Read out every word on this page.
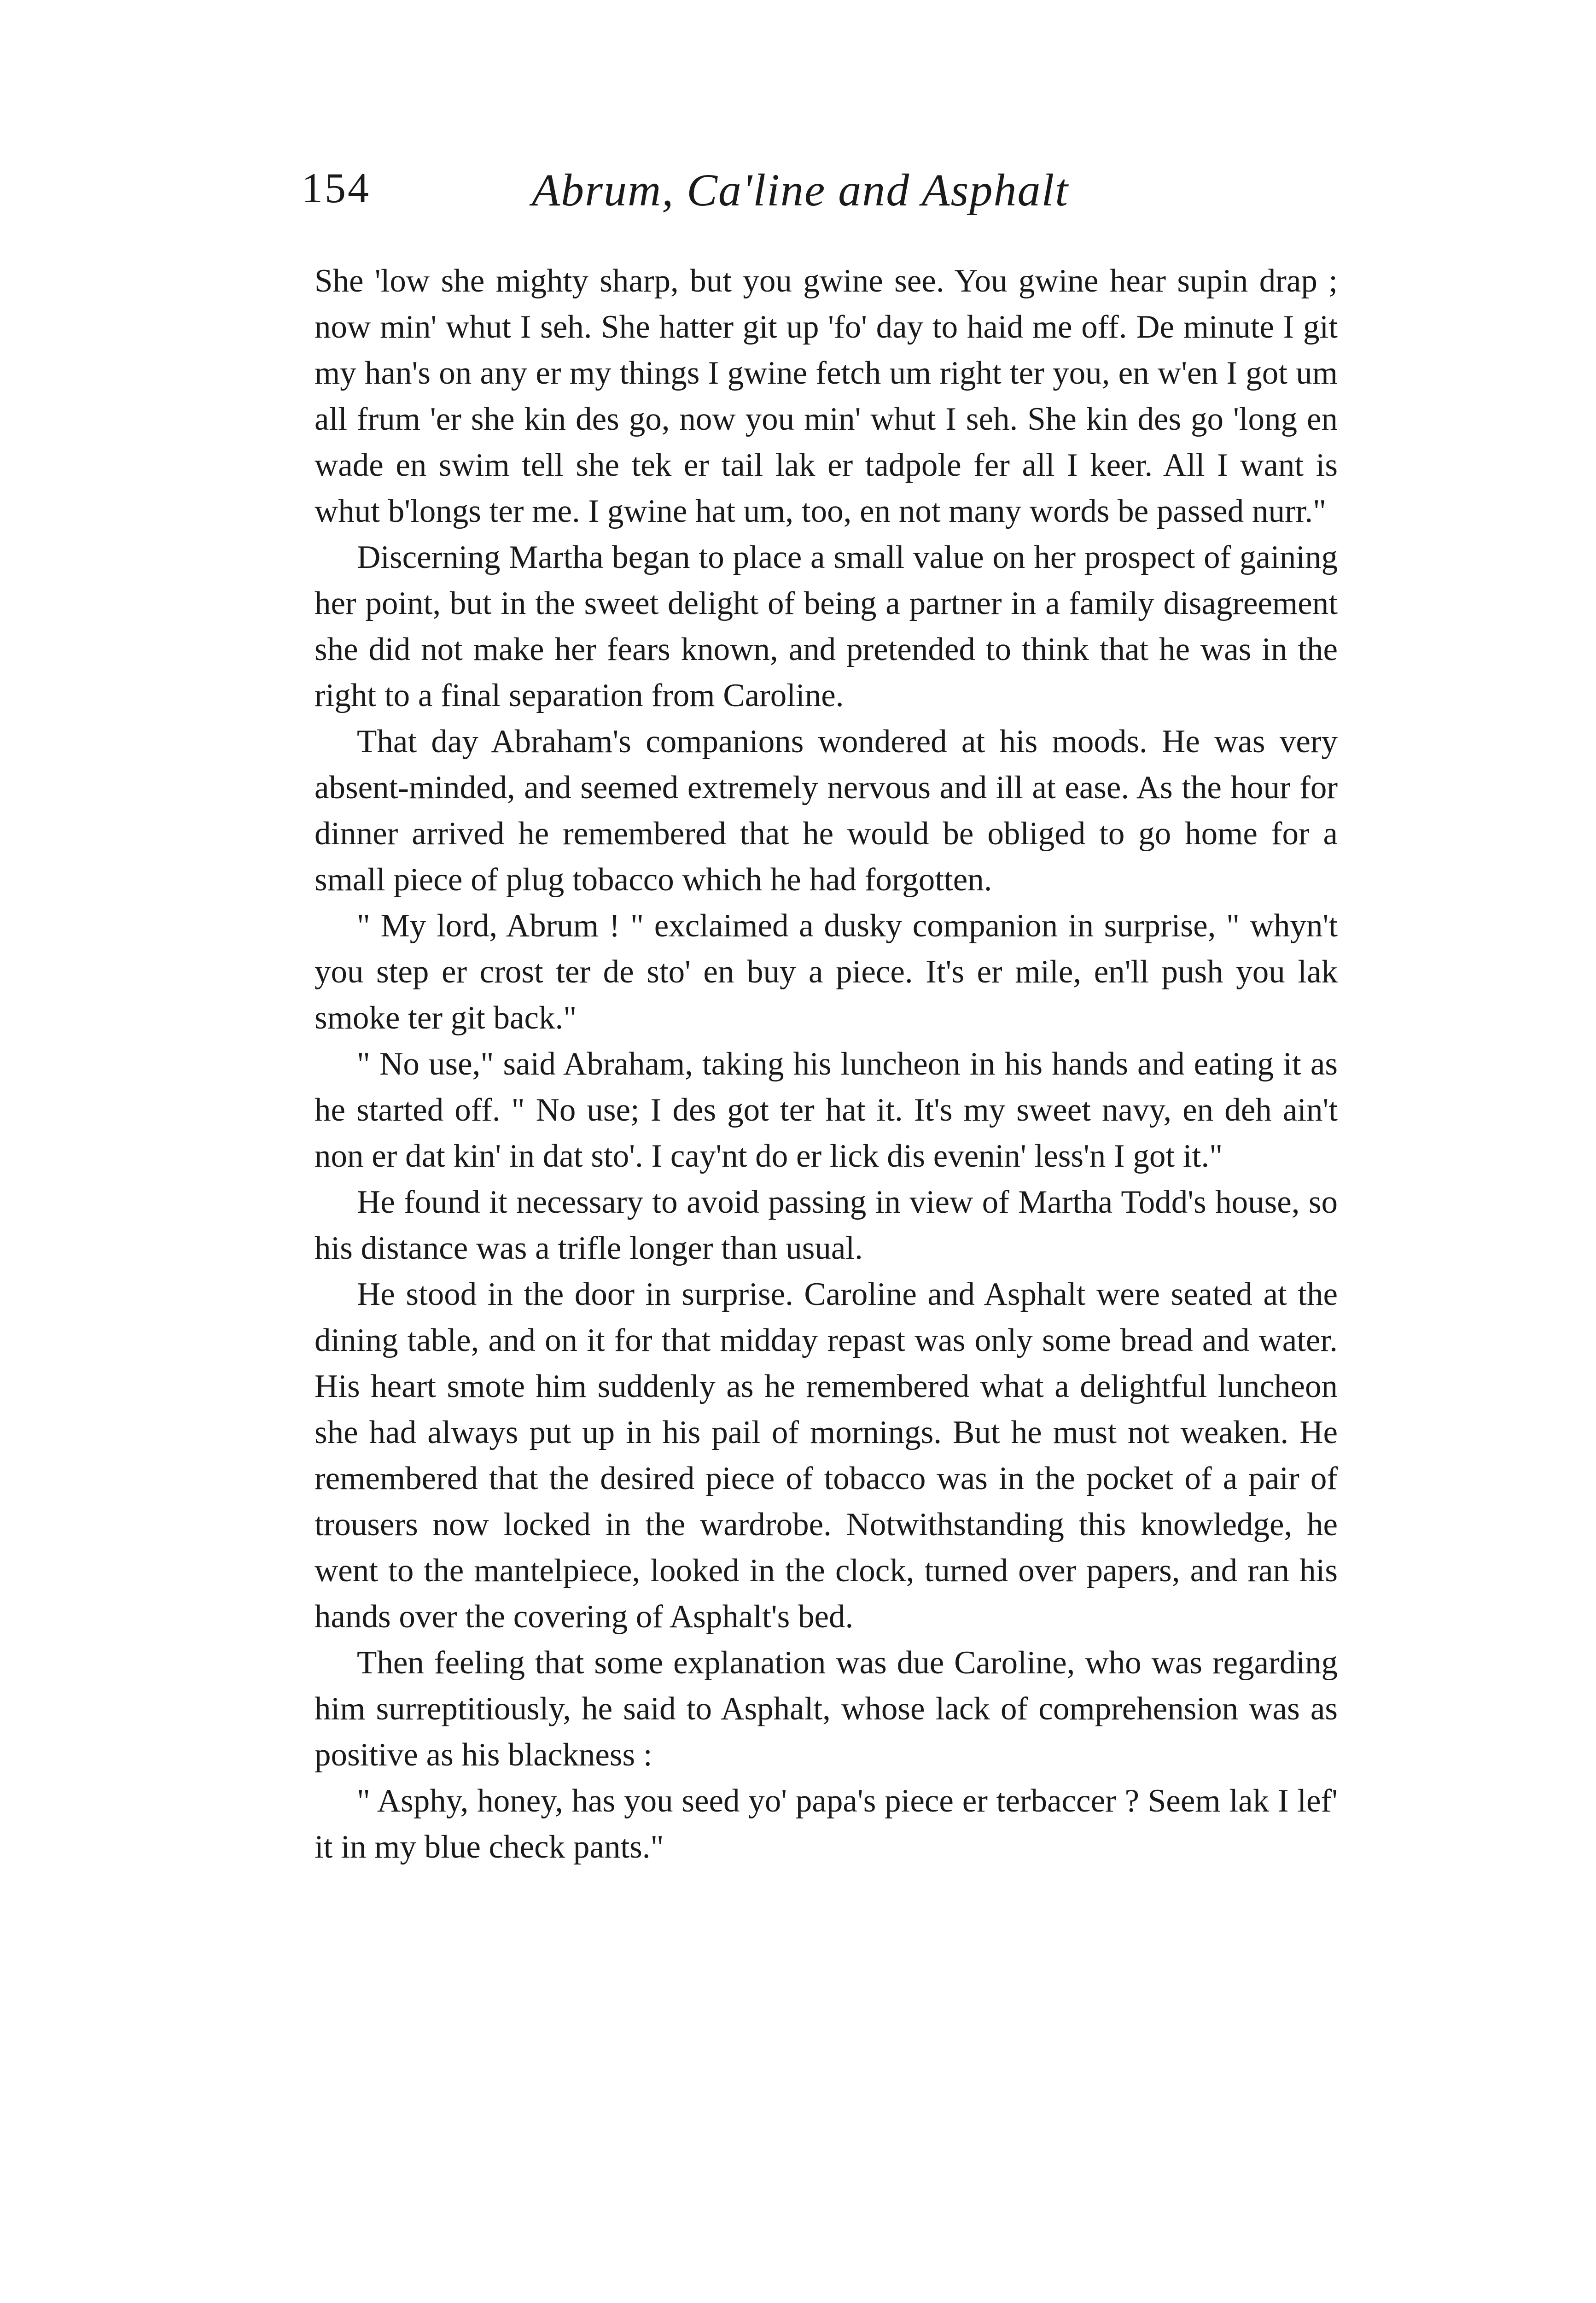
154	Abrum, Ca'line and Asphalt

She 'low she mighty sharp, but you gwine see. You gwine hear supin drap ; now min' whut I seh. She hatter git up 'fo' day to haid me off. De minute I git my han's on any er my things I gwine fetch um right ter you, en w'en I got um all frum 'er she kin des go, now you min' whut I seh. She kin des go 'long en wade en swim tell she tek er tail lak er tadpole fer all I keer. All I want is whut b'longs ter me. I gwine hat um, too, en not many words be passed nurr."

Discerning Martha began to place a small value on her prospect of gaining her point, but in the sweet delight of being a partner in a family disagreement she did not make her fears known, and pretended to think that he was in the right to a final separation from Caroline.

That day Abraham's companions wondered at his moods. He was very absent-minded, and seemed extremely nervous and ill at ease. As the hour for dinner arrived he remembered that he would be obliged to go home for a small piece of plug tobacco which he had forgotten.

" My lord, Abrum ! " exclaimed a dusky companion in surprise, " whyn't you step er crost ter de sto' en buy a piece. It's er mile, en'll push you lak smoke ter git back."

" No use," said Abraham, taking his luncheon in his hands and eating it as he started off. " No use; I des got ter hat it. It's my sweet navy, en deh ain't non er dat kin' in dat sto'. I cay'nt do er lick dis evenin' less'n I got it."

He found it necessary to avoid passing in view of Martha Todd's house, so his distance was a trifle longer than usual.

He stood in the door in surprise. Caroline and Asphalt were seated at the dining table, and on it for that midday repast was only some bread and water. His heart smote him suddenly as he remembered what a delightful luncheon she had always put up in his pail of mornings. But he must not weaken. He remembered that the desired piece of tobacco was in the pocket of a pair of trousers now locked in the wardrobe. Notwithstanding this knowledge, he went to the mantelpiece, looked in the clock, turned over papers, and ran his hands over the covering of Asphalt's bed.

Then feeling that some explanation was due Caroline, who was regarding him surreptitiously, he said to Asphalt, whose lack of comprehension was as positive as his blackness :

" Asphy, honey, has you seed yo' papa's piece er terbaccer ? Seem lak I lef' it in my blue check pants."
